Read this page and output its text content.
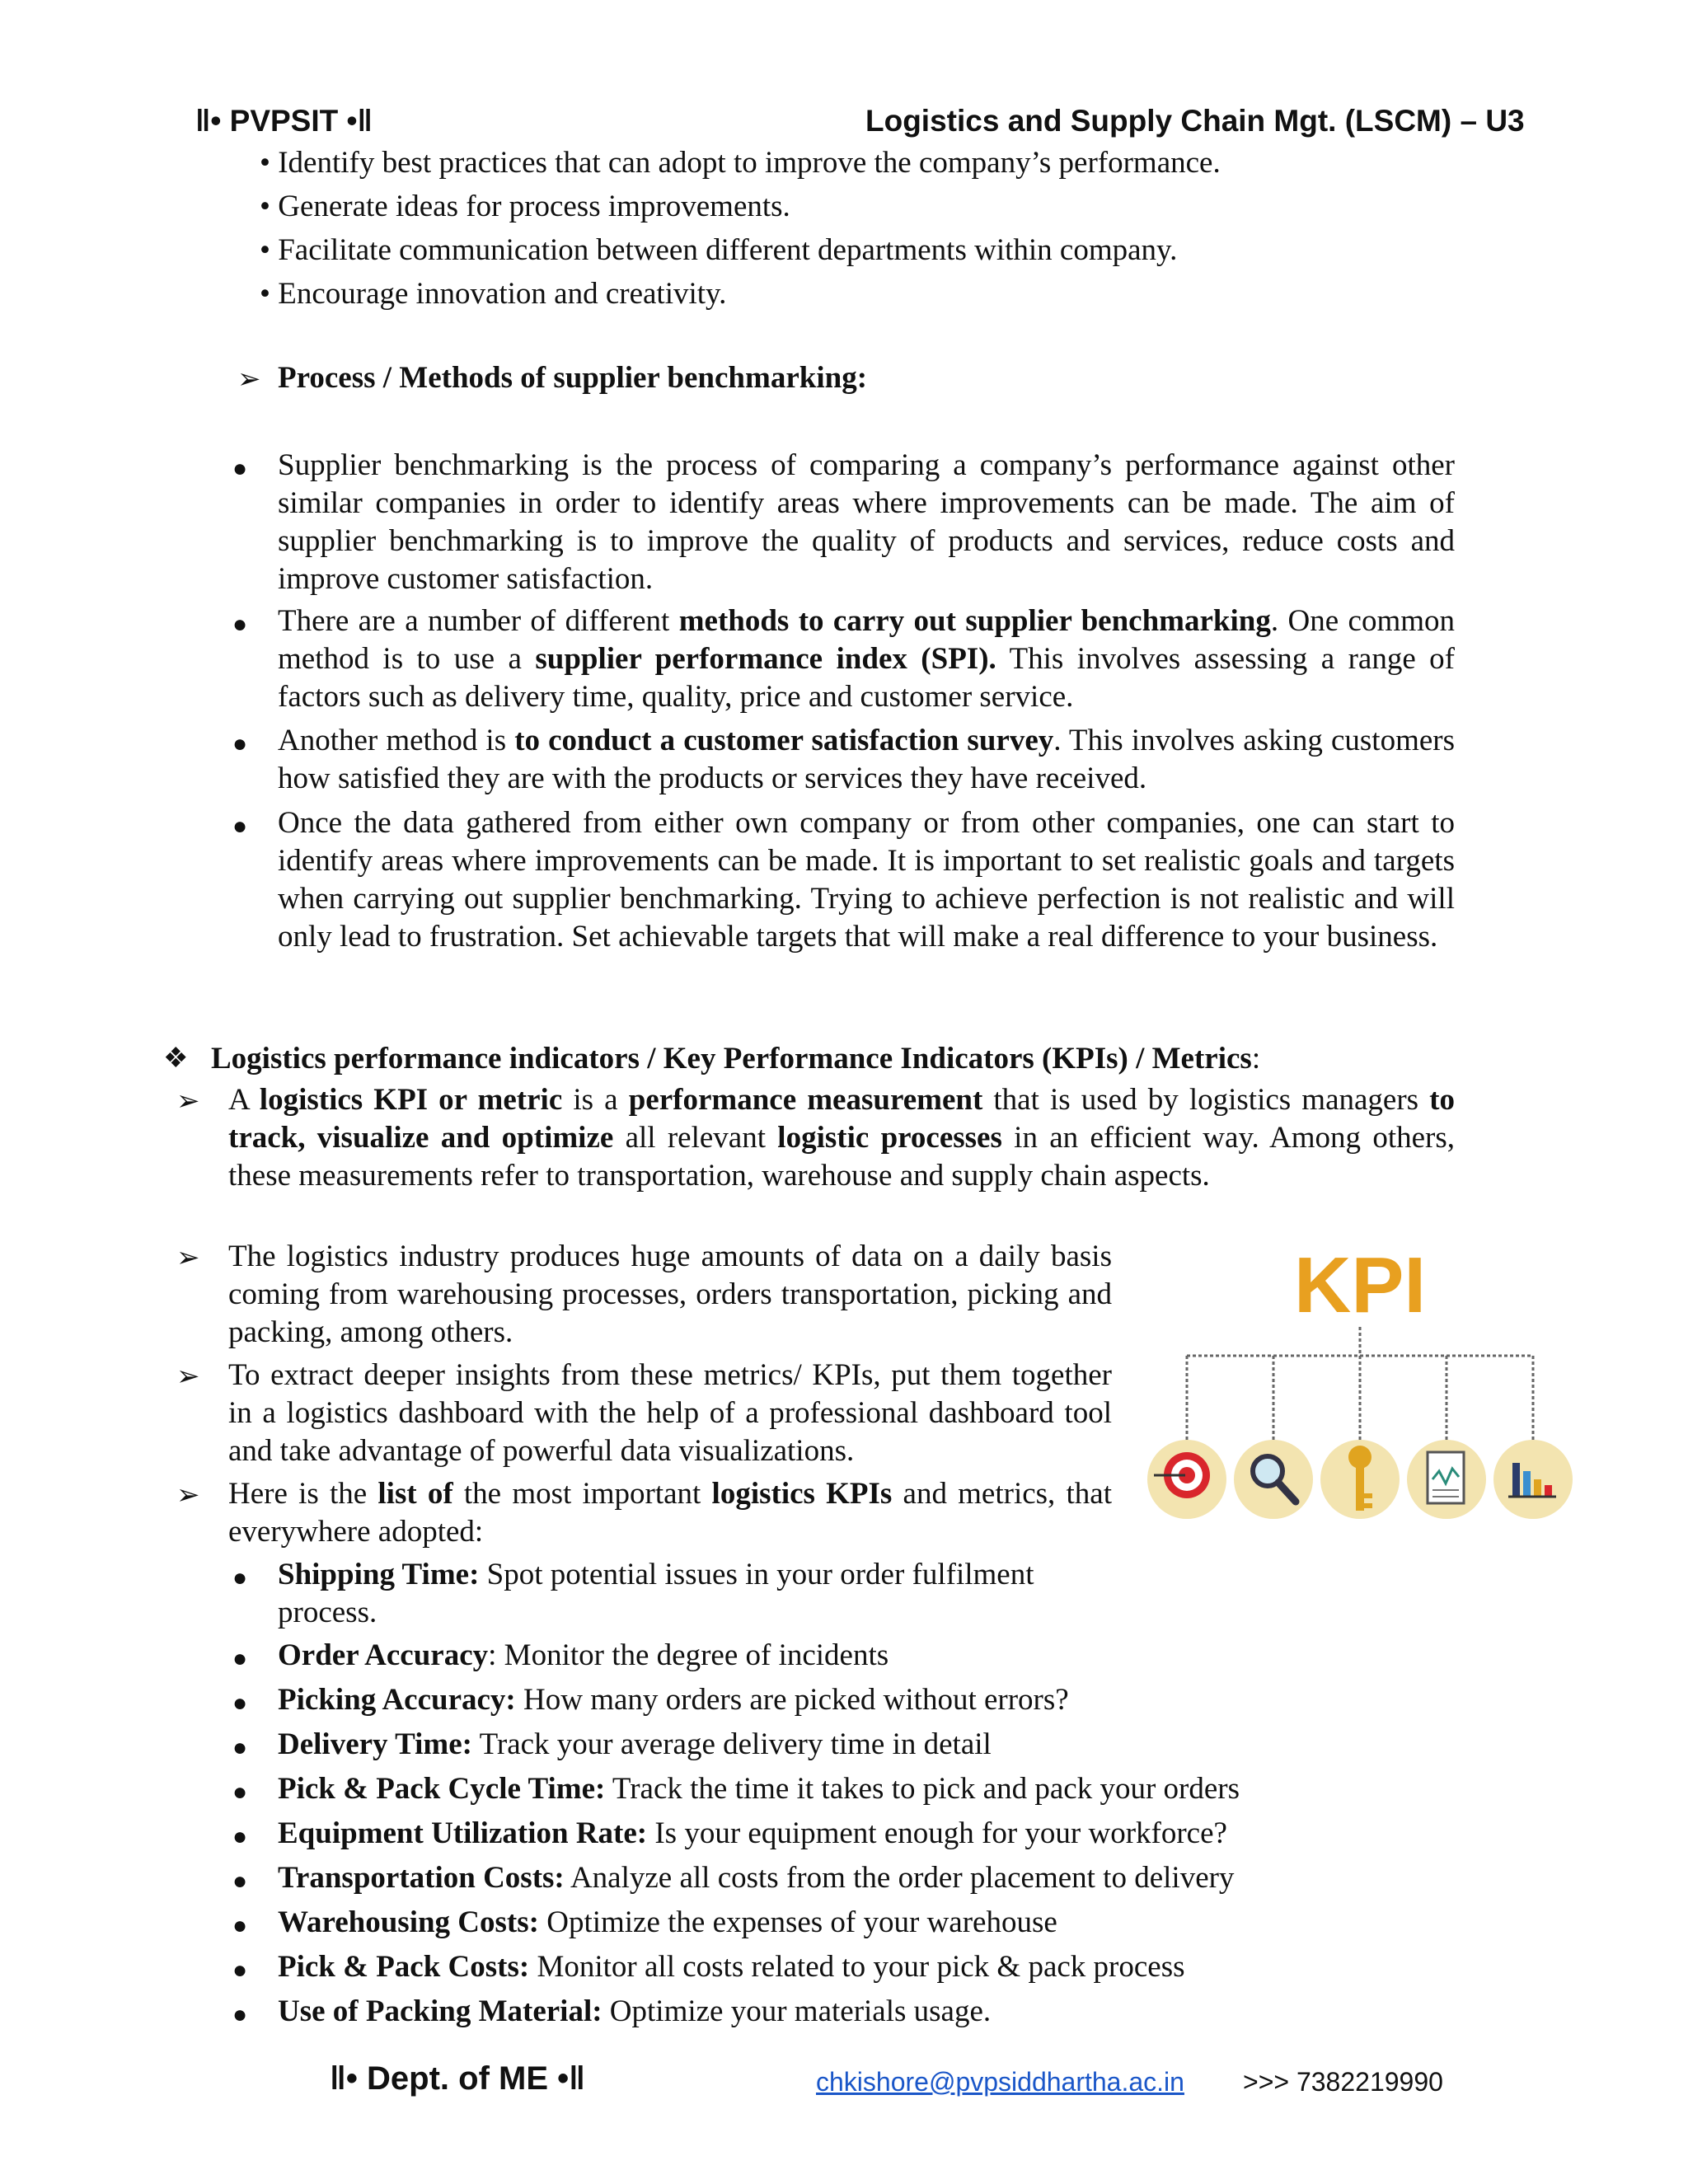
‖• PVPSIT •‖	Logistics and Supply Chain Mgt. (LSCM) – U3
• Identify best practices that can adopt to improve the company’s performance.
• Generate ideas for process improvements.
• Facilitate communication between different departments within company.
• Encourage innovation and creativity.
➢ Process / Methods of supplier benchmarking:
● Supplier benchmarking is the process of comparing a company’s performance against other similar companies in order to identify areas where improvements can be made. The aim of supplier benchmarking is to improve the quality of products and services, reduce costs and improve customer satisfaction.
● There are a number of different methods to carry out supplier benchmarking. One common method is to use a supplier performance index (SPI). This involves assessing a range of factors such as delivery time, quality, price and customer service.
● Another method is to conduct a customer satisfaction survey. This involves asking customers how satisfied they are with the products or services they have received.
● Once the data gathered from either own company or from other companies, one can start to identify areas where improvements can be made. It is important to set realistic goals and targets when carrying out supplier benchmarking. Trying to achieve perfection is not realistic and will only lead to frustration. Set achievable targets that will make a real difference to your business.
❖ Logistics performance indicators / Key Performance Indicators (KPIs) / Metrics:
➢ A logistics KPI or metric is a performance measurement that is used by logistics managers to track, visualize and optimize all relevant logistic processes in an efficient way. Among others, these measurements refer to transportation, warehouse and supply chain aspects.
➢ The logistics industry produces huge amounts of data on a daily basis coming from warehousing processes, orders transportation, picking and packing, among others.
➢ To extract deeper insights from these metrics/ KPIs, put them together in a logistics dashboard with the help of a professional dashboard tool and take advantage of powerful data visualizations.
➢ Here is the list of the most important logistics KPIs and metrics, that everywhere adopted:
● Shipping Time: Spot potential issues in your order fulfilment
process.
● Order Accuracy: Monitor the degree of incidents
● Picking Accuracy: How many orders are picked without errors?
● Delivery Time: Track your average delivery time in detail
● Pick & Pack Cycle Time: Track the time it takes to pick and pack your orders
● Equipment Utilization Rate: Is your equipment enough for your workforce?
● Transportation Costs: Analyze all costs from the order placement to delivery
● Warehousing Costs: Optimize the expenses of your warehouse
● Pick & Pack Costs: Monitor all costs related to your pick & pack process
● Use of Packing Material: Optimize your materials usage.
KPI
‖• Dept. of ME •‖	chkishore@pvpsiddhartha.ac.in >>> 7382219990
